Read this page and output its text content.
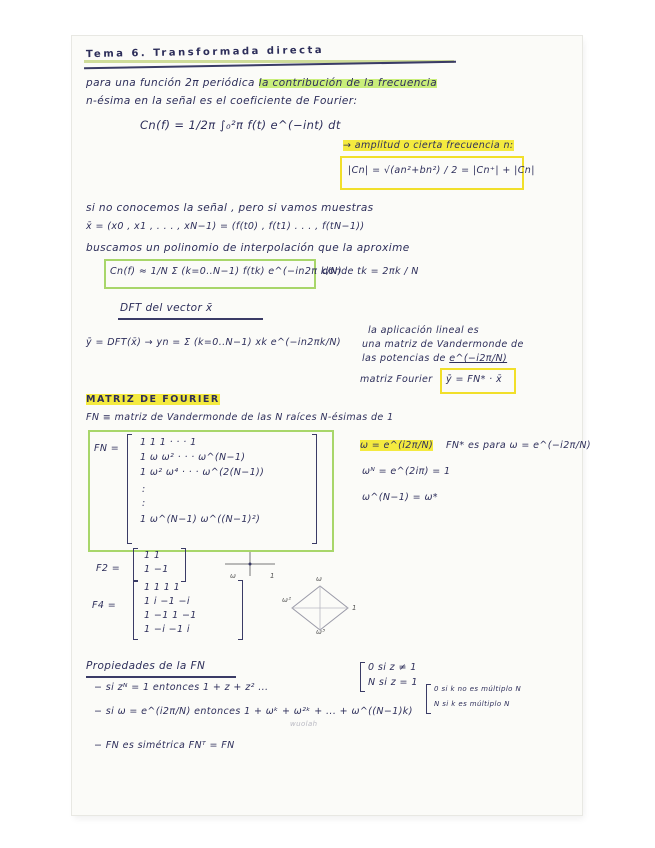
Tema 6. Transformada directa
para una función 2π periódica la contribución de la frecuencia
n-ésima en la señal es el coeficiente de Fourier:
Cn(f) = 1/2π ∫₀²π f(t) e^(−int) dt
→ amplitud o cierta frecuencia n:
|Cn| = √(an²+bn²) / 2 = |Cn⁺| + |Cn|
si no conocemos la señal , pero si vamos muestras
x̄ = (x0 , x1 , . . . , xN−1) = (f(t0) , f(t1) . . . , f(tN−1))
buscamos un polinomio de interpolación que la aproxime
Cn(f) ≈ 1/N Σ (k=0..N−1) f(tk) e^(−in2π k/N)
donde tk = 2πk / N
DFT del vector x̄
ȳ = DFT(x̄) → yn = Σ (k=0..N−1) xk e^(−in2πk/N)
la aplicación lineal es
una matriz de Vandermonde de
las potencias de e^(−i2π/N)
matriz Fourier ȳ = FN* · x̄
MATRIZ DE FOURIER
FN ≡ matriz de Vandermonde de las N raíces N-ésimas de 1
FN =
1 1 1 · · · 1
1 ω ω² · · · ω^(N−1)
1 ω² ω⁴ · · · ω^(2(N−1))
:
:
1 ω^(N−1) ω^((N−1)²)
ω = e^(i2π/N) FN* es para ω = e^(−i2π/N)
ωᴺ = e^(2iπ) = 1
ω^(N−1) = ω*
F2 =
1 1
1 −1
ω	1
F4 =
1 1 1 1
1 i −1 −i
1 −1 1 −1
1 −i −1 i
ω
ω²
ω³
1
Propiedades de la FN
− si zᴺ = 1 entonces 1 + z + z² ...
0 si z ≠ 1
N si z = 1
− si ω = e^(i2π/N) entonces 1 + ωᵏ + ω²ᵏ + ... + ω^((N−1)k)
0 si k no es múltiplo N
N si k es múltiplo N
− FN es simétrica FNᵀ = FN
wuolah
